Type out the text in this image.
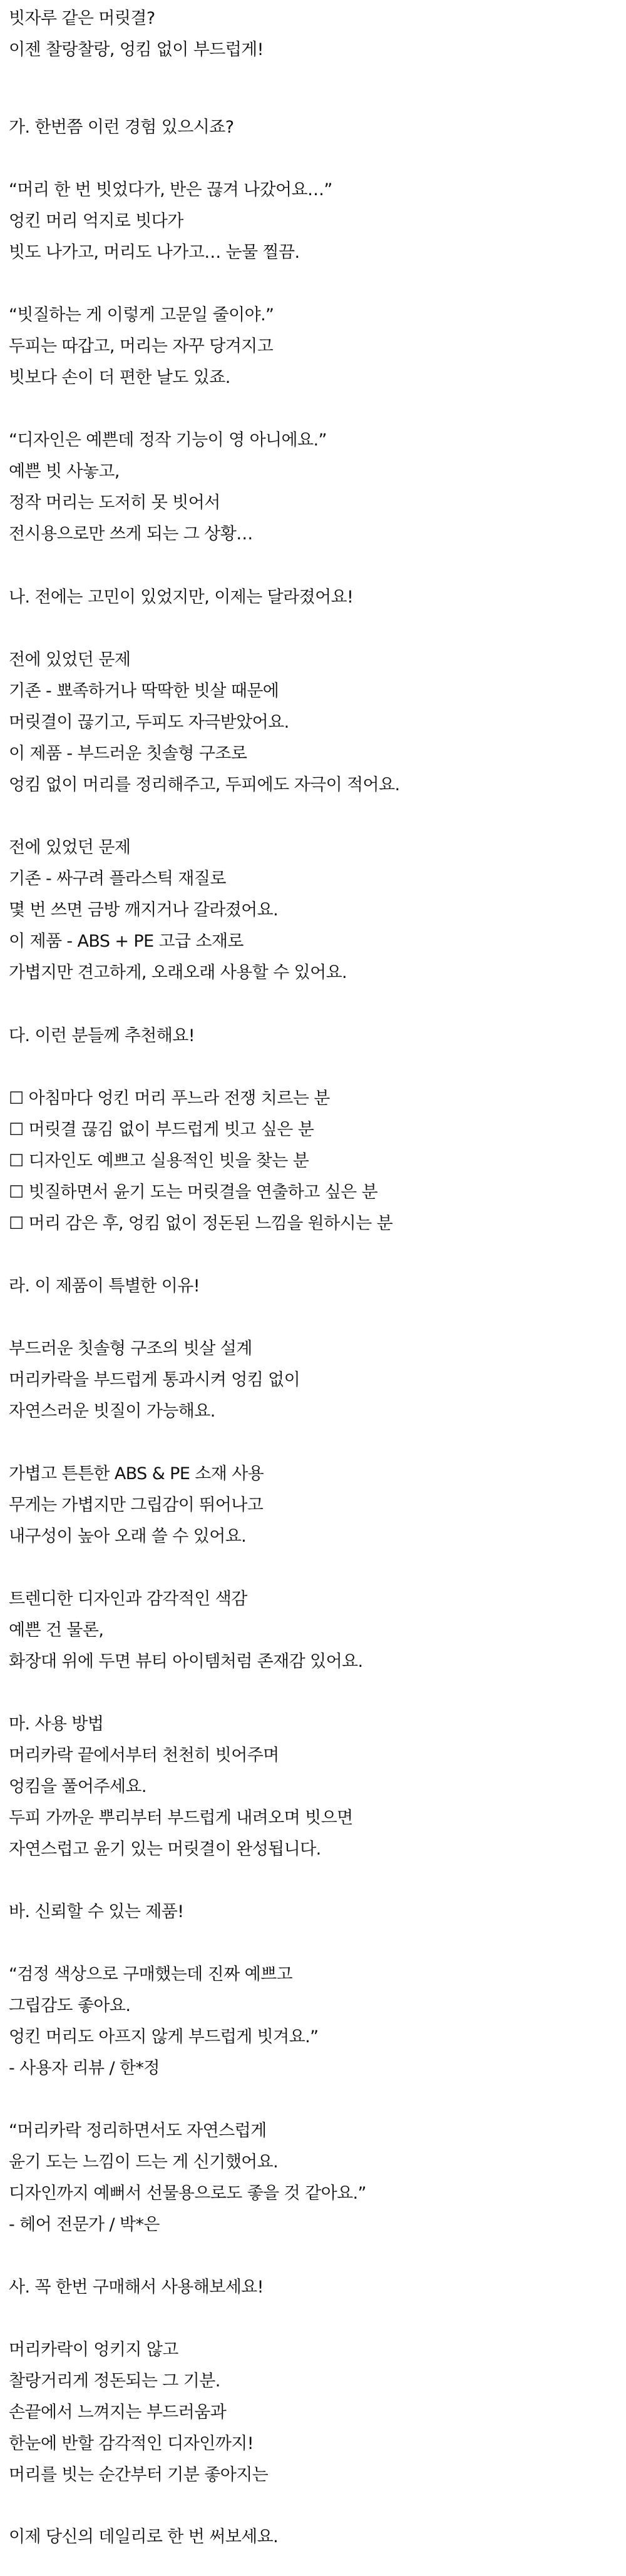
빗자루 같은 머릿결?
이젠 찰랑찰랑, 엉킴 없이 부드럽게!
가. 한번쯤 이런 경험 있으시죠?
“머리 한 번 빗었다가, 반은 끊겨 나갔어요…”
엉킨 머리 억지로 빗다가
빗도 나가고, 머리도 나가고… 눈물 찔끔.
“빗질하는 게 이렇게 고문일 줄이야.”
두피는 따갑고, 머리는 자꾸 당겨지고
빗보다 손이 더 편한 날도 있죠.
“디자인은 예쁜데 정작 기능이 영 아니에요.”
예쁜 빗 사놓고,
정작 머리는 도저히 못 빗어서
전시용으로만 쓰게 되는 그 상황…
나. 전에는 고민이 있었지만, 이제는 달라졌어요!
전에 있었던 문제
기존 - 뾰족하거나 딱딱한 빗살 때문에
머릿결이 끊기고, 두피도 자극받았어요.
이 제품 - 부드러운 칫솔형 구조로
엉킴 없이 머리를 정리해주고, 두피에도 자극이 적어요.
전에 있었던 문제
기존 - 싸구려 플라스틱 재질로
몇 번 쓰면 금방 깨지거나 갈라졌어요.
이 제품 - ABS + PE 고급 소재로
가볍지만 견고하게, 오래오래 사용할 수 있어요.
다. 이런 분들께 추천해요!
☐ 아침마다 엉킨 머리 푸느라 전쟁 치르는 분
☐ 머릿결 끊김 없이 부드럽게 빗고 싶은 분
☐ 디자인도 예쁘고 실용적인 빗을 찾는 분
☐ 빗질하면서 윤기 도는 머릿결을 연출하고 싶은 분
☐ 머리 감은 후, 엉킴 없이 정돈된 느낌을 원하시는 분
라. 이 제품이 특별한 이유!
부드러운 칫솔형 구조의 빗살 설계
머리카락을 부드럽게 통과시켜 엉킴 없이
자연스러운 빗질이 가능해요.
가볍고 튼튼한 ABS & PE 소재 사용
무게는 가볍지만 그립감이 뛰어나고
내구성이 높아 오래 쓸 수 있어요.
트렌디한 디자인과 감각적인 색감
예쁜 건 물론,
화장대 위에 두면 뷰티 아이템처럼 존재감 있어요.
마. 사용 방법
머리카락 끝에서부터 천천히 빗어주며
엉킴을 풀어주세요.
두피 가까운 뿌리부터 부드럽게 내려오며 빗으면
자연스럽고 윤기 있는 머릿결이 완성됩니다.
바. 신뢰할 수 있는 제품!
“검정 색상으로 구매했는데 진짜 예쁘고
그립감도 좋아요.
엉킨 머리도 아프지 않게 부드럽게 빗겨요.”
- 사용자 리뷰 / 한*정
“머리카락 정리하면서도 자연스럽게
윤기 도는 느낌이 드는 게 신기했어요.
디자인까지 예뻐서 선물용으로도 좋을 것 같아요.”
- 헤어 전문가 / 박*은
사. 꼭 한번 구매해서 사용해보세요!
머리카락이 엉키지 않고
찰랑거리게 정돈되는 그 기분.
손끝에서 느껴지는 부드러움과
한눈에 반할 감각적인 디자인까지!
머리를 빗는 순간부터 기분 좋아지는
이제 당신의 데일리로 한 번 써보세요.
